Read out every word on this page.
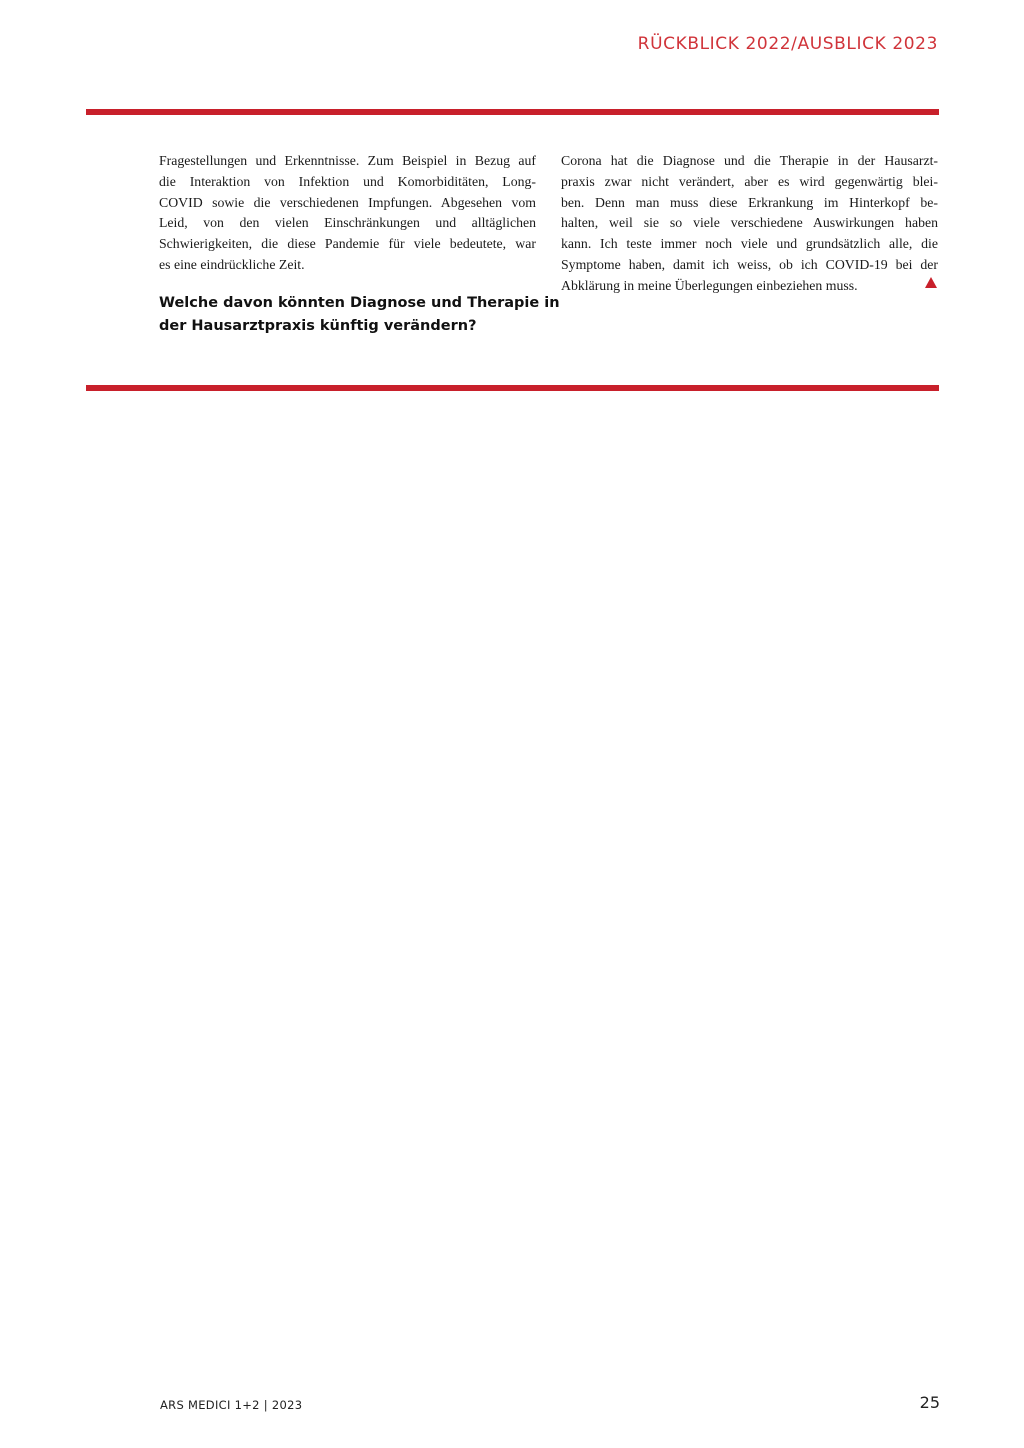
RÜCKBLICK 2022/AUSBLICK 2023
Fragestellungen und Erkenntnisse. Zum Beispiel in Bezug auf
die Interaktion von Infektion und Komorbiditäten, Long-
COVID sowie die verschiedenen Impfungen. Abgesehen vom
Leid, von den vielen Einschränkungen und alltäglichen
Schwierigkeiten, die diese Pandemie für viele bedeutete, war
es eine eindrückliche Zeit.
Welche davon könnten Diagnose und Therapie in
der Hausarztpraxis künftig verändern?
Corona hat die Diagnose und die Therapie in der Hausarzt-
praxis zwar nicht verändert, aber es wird gegenwärtig blei-
ben. Denn man muss diese Erkrankung im Hinterkopf be-
halten, weil sie so viele verschiedene Auswirkungen haben
kann. Ich teste immer noch viele und grundsätzlich alle, die
Symptome haben, damit ich weiss, ob ich COVID-19 bei der
Abklärung in meine Überlegungen einbeziehen muss.
ARS MEDICI 1+2 | 2023	25
